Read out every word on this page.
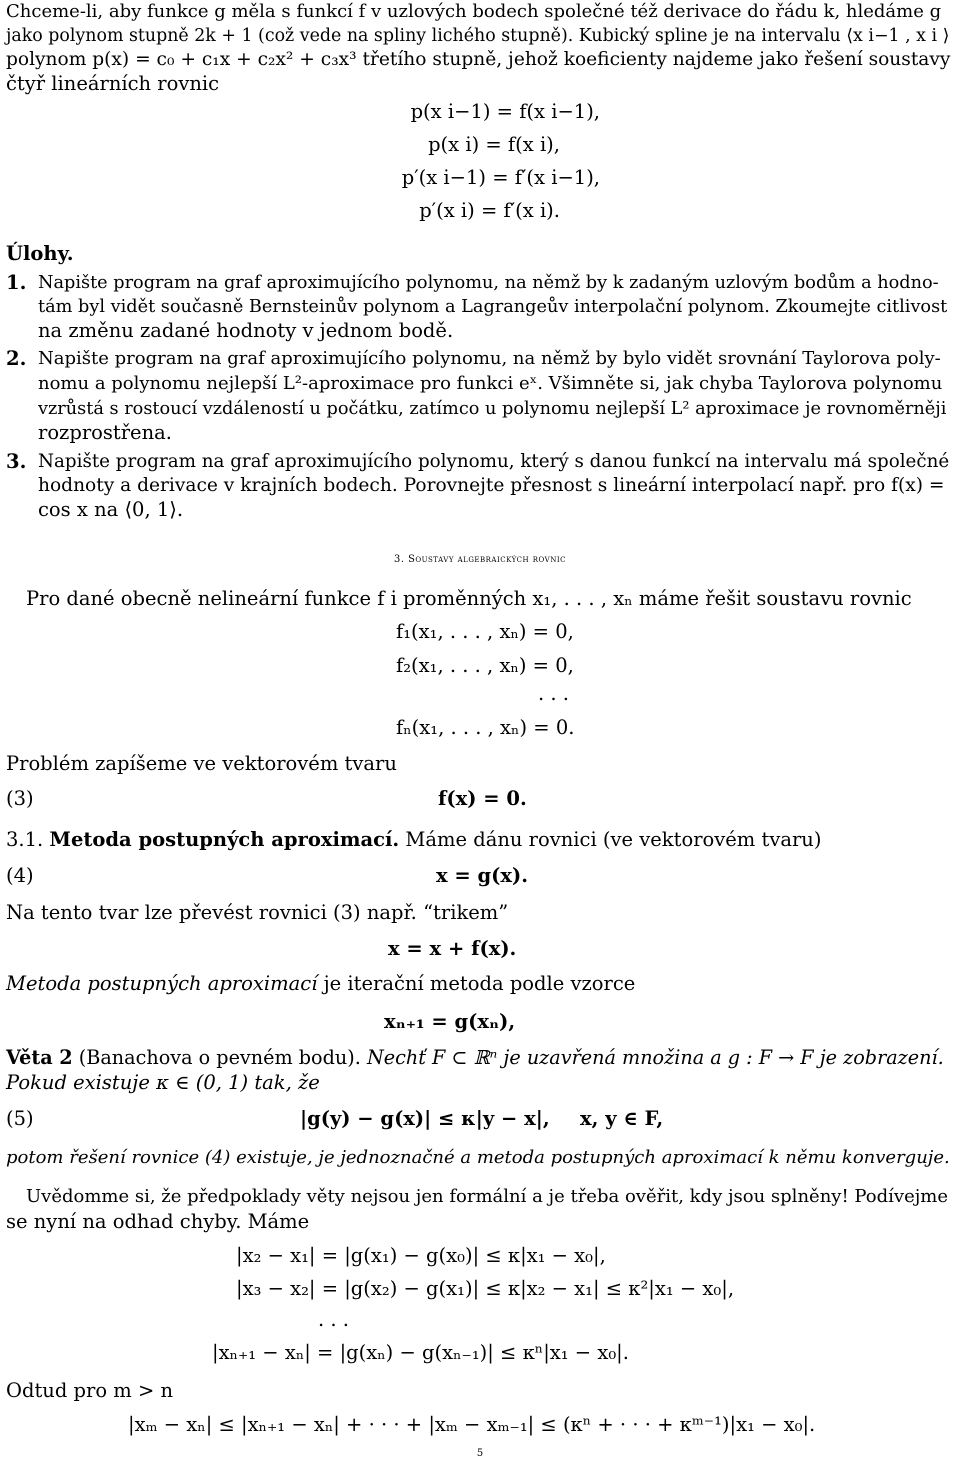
Chceme-li, aby funkce g měla s funkcí f v uzlových bodech společné též derivace do řádu k, hledáme g
jako polynom stupně 2k + 1 (což vede na spliny lichého stupně). Kubický spline je na intervalu ⟨x i−1 , x i ⟩
polynom p(x) = c₀ + c₁x + c₂x² + c₃x³ třetího stupně, jehož koeficienty najdeme jako řešení soustavy
čtyř lineárních rovnic
p(x i−1) = f(x i−1),
p(x i) = f(x i),
p′(x i−1) = f′(x i−1),
p′(x i) = f′(x i).
Úlohy.
1. Napište program na graf aproximujícího polynomu, na němž by k zadaným uzlovým bodům a hodno-
tám byl vidět současně Bernsteinův polynom a Lagrangeův interpolační polynom. Zkoumejte citlivost
na změnu zadané hodnoty v jednom bodě.
2. Napište program na graf aproximujícího polynomu, na němž by bylo vidět srovnání Taylorova poly-
nomu a polynomu nejlepší L²-aproximace pro funkci eˣ. Všimněte si, jak chyba Taylorova polynomu
vzrůstá s rostoucí vzdáleností u počátku, zatímco u polynomu nejlepší L² aproximace je rovnoměrněji
rozprostřena.
3. Napište program na graf aproximujícího polynomu, který s danou funkcí na intervalu má společné
hodnoty a derivace v krajních bodech. Porovnejte přesnost s lineární interpolací např. pro f(x) =
cos x na ⟨0, 1⟩.
3. Soustavy algebraických rovnic
Pro dané obecně nelineární funkce f i proměnných x₁, . . . , xₙ máme řešit soustavu rovnic
f₁(x₁, . . . , xₙ) = 0,
f₂(x₁, . . . , xₙ) = 0,
. . .
fₙ(x₁, . . . , xₙ) = 0.
Problém zapíšeme ve vektorovém tvaru
(3)	f(x) = 0.
3.1. Metoda postupných aproximací. Máme dánu rovnici (ve vektorovém tvaru)
(4)	x = g(x).
Na tento tvar lze převést rovnici (3) např. “trikem”
x = x + f(x).
Metoda postupných aproximací je iterační metoda podle vzorce
xₙ₊₁ = g(xₙ),
Věta 2 (Banachova o pevném bodu). Nechť F ⊂ ℝⁿ je uzavřená množina a g : F → F je zobrazení.
Pokud existuje κ ∈ (0, 1) tak, že
(5)	|g(y) − g(x)| ≤ κ|y − x|, x, y ∈ F,
potom řešení rovnice (4) existuje, je jednoznačné a metoda postupných aproximací k němu konverguje.
Uvědomme si, že předpoklady věty nejsou jen formální a je třeba ověřit, kdy jsou splněny! Podívejme
se nyní na odhad chyby. Máme
|x₂ − x₁| = |g(x₁) − g(x₀)| ≤ κ|x₁ − x₀|,
|x₃ − x₂| = |g(x₂) − g(x₁)| ≤ κ|x₂ − x₁| ≤ κ²|x₁ − x₀|,
. . .
|xₙ₊₁ − xₙ| = |g(xₙ) − g(xₙ₋₁)| ≤ κⁿ|x₁ − x₀|.
Odtud pro m > n
|xₘ − xₙ| ≤ |xₙ₊₁ − xₙ| + · · · + |xₘ − xₘ₋₁| ≤ (κⁿ + · · · + κᵐ⁻¹)|x₁ − x₀|.
5
